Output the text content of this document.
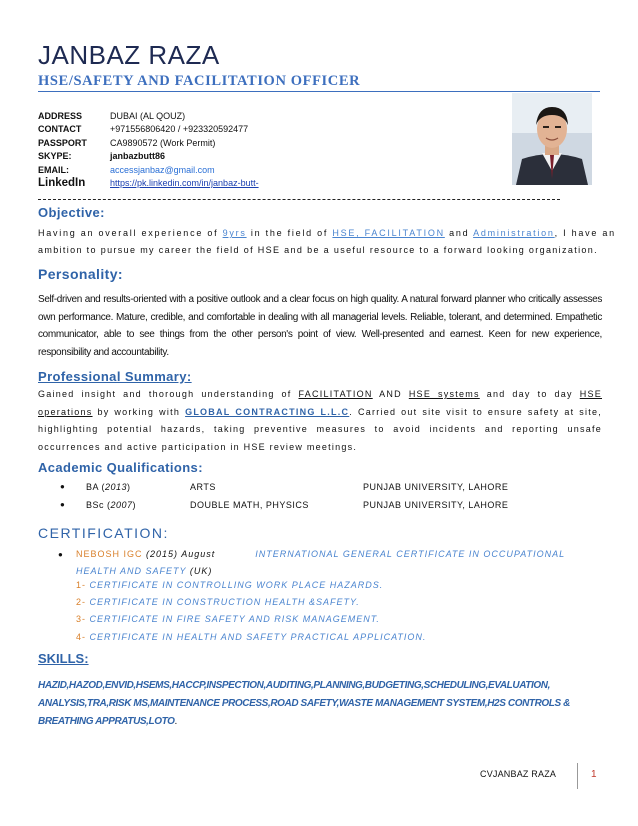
JANBAZ RAZA
HSE/SAFETY AND FACILITATION OFFICER
ADDRESS	DUBAI (AL QOUZ)
CONTACT	+971556806420 / +923320592477
PASSPORT	CA9890572 (Work Permit)
SKYPE:	janbazbutt86
EMAIL:	accessjanbaz@gmail.com
LinkedIn	https://pk.linkedin.com/in/janbaz-butt-
Objective:
Having an overall experience of 9yrs in the field of HSE, FACILITATION and Administration, I have an
ambition to pursue my career the field of HSE and be a useful resource to a forward looking organization.
Personality:
Self-driven and results-oriented with a positive outlook and a clear focus on high quality. A natural forward planner who critically assesses own performance. Mature, credible, and comfortable in dealing with all managerial levels. Reliable, tolerant, and determined. Empathetic communicator, able to see things from the other person's point of view. Well-presented and earnest. Keen for new experience, responsibility and accountability.
Professional Summary:
Gained insight and thorough understanding of FACILITATION AND HSE systems and day to day HSE operations by working with GLOBAL CONTRACTING L.L.C. Carried out site visit to ensure safety at site, highlighting potential hazards, taking preventive measures to avoid incidents and reporting unsafe occurrences and active participation in HSE review meetings.
Academic Qualifications:
● BA (2013)	ARTS	PUNJAB UNIVERSITY, LAHORE
● BSc (2007)	DOUBLE MATH, PHYSICS	PUNJAB UNIVERSITY, LAHORE
CERTIFICATION:
●	NEBOSH IGC (2015) August	INTERNATIONAL GENERAL CERTIFICATE IN OCCUPATIONAL HEALTH AND SAFETY (UK)
1- CERTIFICATE IN CONTROLLING WORK PLACE HAZARDS.
2- CERTIFICATE IN CONSTRUCTION HEALTH &SAFETY.
3- CERTIFICATE IN FIRE SAFETY AND RISK MANAGEMENT.
4- CERTIFICATE IN HEALTH AND SAFETY PRACTICAL APPLICATION.
SKILLS:
HAZID,HAZOD,ENVID,HSEMS,HACCP,INSPECTION,AUDITING,PLANNING,BUDGETING,SCHEDULING,EVALUATION, ANALYSIS,TRA,RISK MS,MAINTENANCE PROCESS,ROAD SAFETY,WASTE MANAGEMENT SYSTEM,H2S CONTROLS & BREATHING APPRATUS,LOTO.
CVJANBAZ RAZA	1
